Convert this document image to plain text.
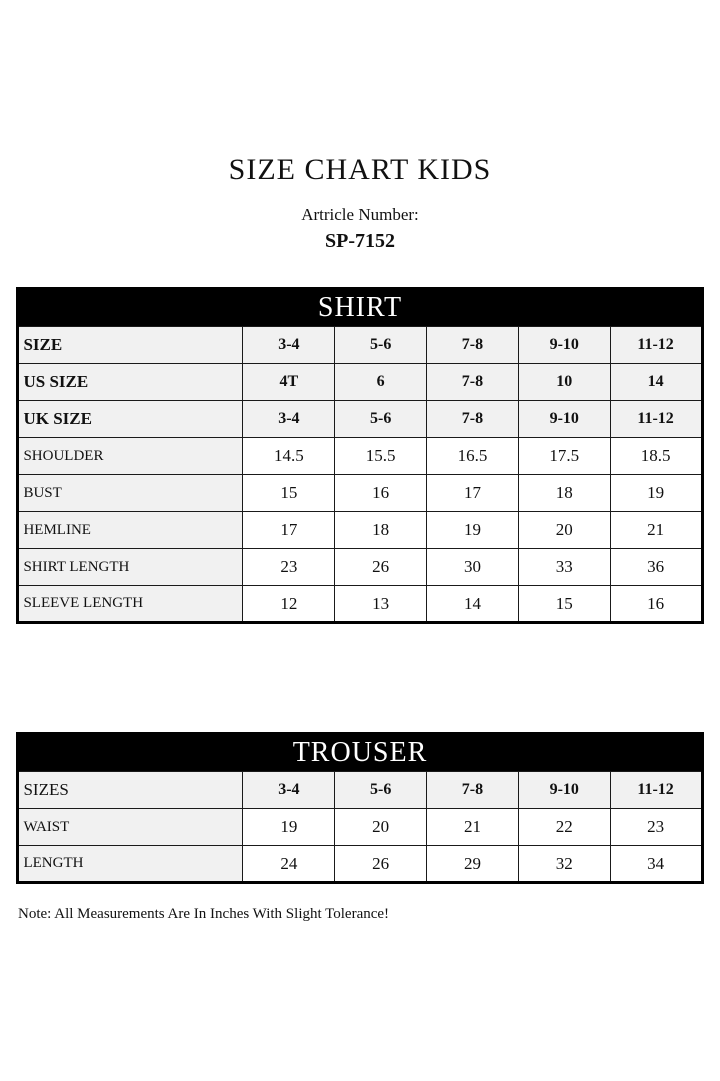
SIZE CHART KIDS
Artricle Number:
SP-7152
SHIRT					
SIZE	3-4	5-6	7-8	9-10	11-12
US SIZE	4T	6	7-8	10	14
UK SIZE	3-4	5-6	7-8	9-10	11-12
SHOULDER	14.5	15.5	16.5	17.5	18.5
BUST	15	16	17	18	19
HEMLINE	17	18	19	20	21
SHIRT LENGTH	23	26	30	33	36
SLEEVE LENGTH	12	13	14	15	16
TROUSER					
SIZES	3-4	5-6	7-8	9-10	11-12
WAIST	19	20	21	22	23
LENGTH	24	26	29	32	34
Note: All Measurements Are In Inches With Slight Tolerance!
